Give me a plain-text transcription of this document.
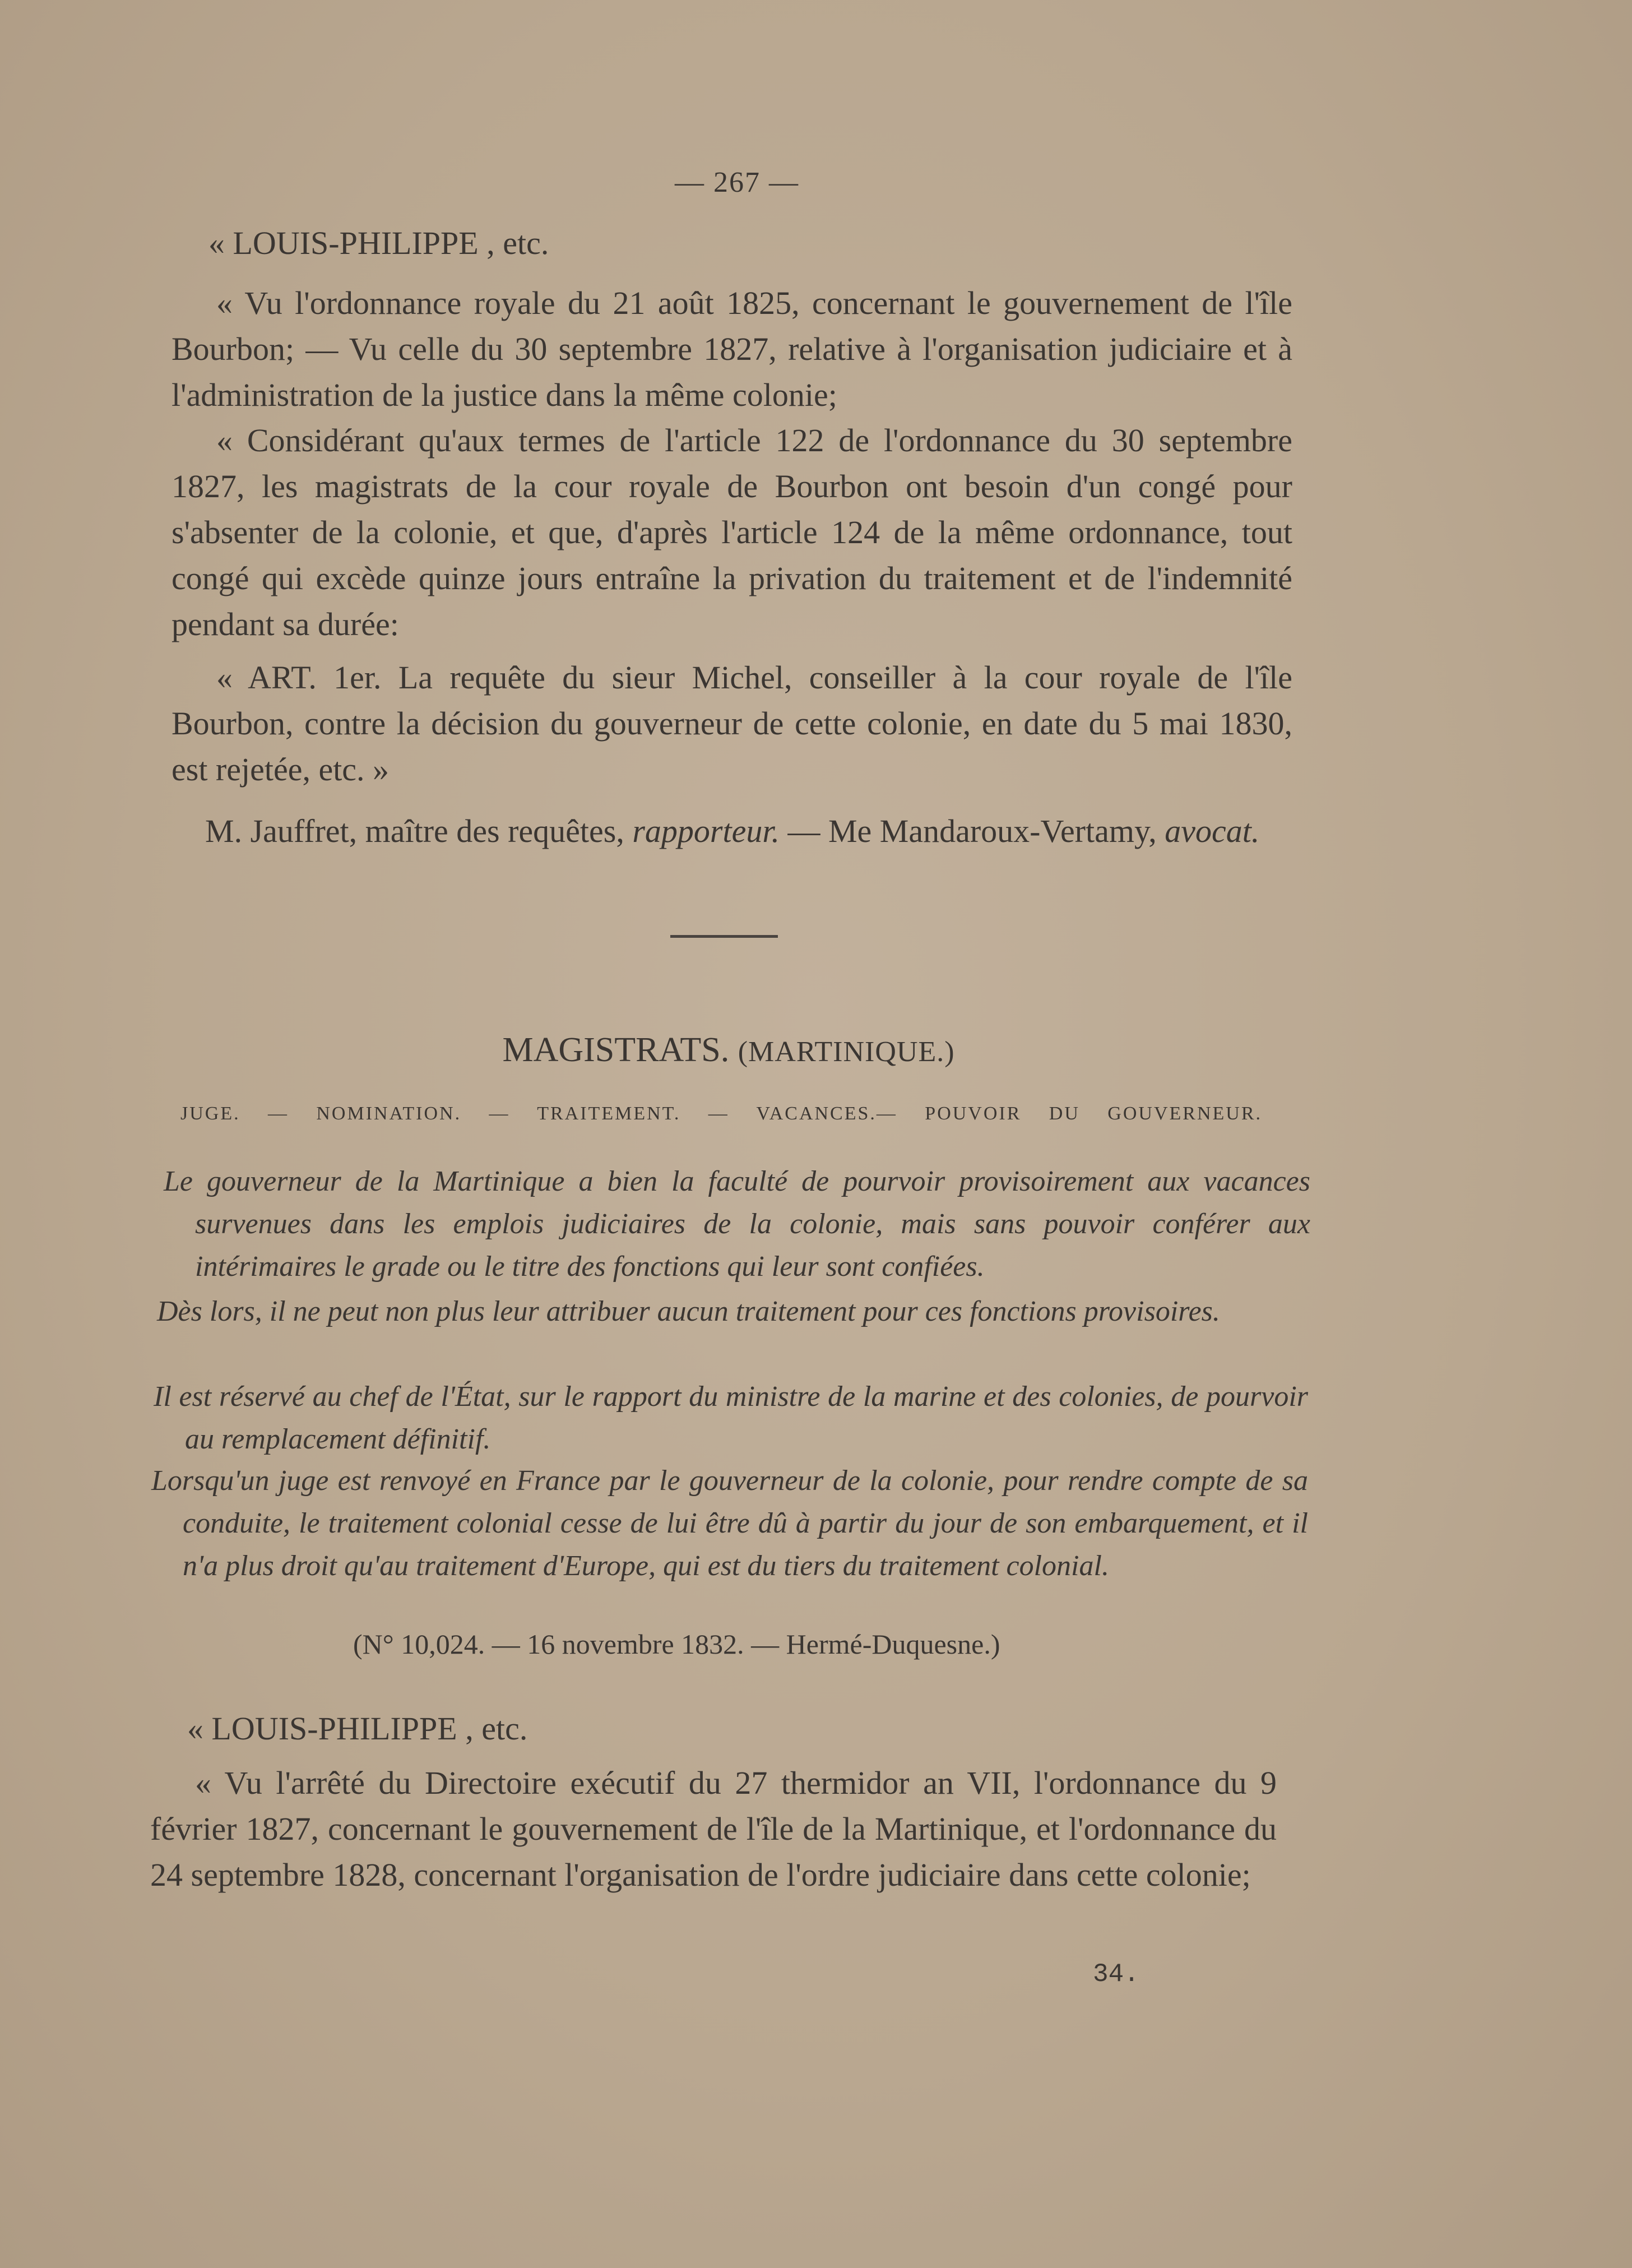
— 267 —

« LOUIS-PHILIPPE , etc.

« Vu l'ordonnance royale du 21 août 1825, concernant le gouvernement de l'île Bourbon; — Vu celle du 30 septembre 1827, relative à l'organisation judiciaire et à l'administration de la justice dans la même colonie;

« Considérant qu'aux termes de l'article 122 de l'ordonnance du 30 septembre 1827, les magistrats de la cour royale de Bourbon ont besoin d'un congé pour s'absenter de la colonie, et que, d'après l'article 124 de la même ordonnance, tout congé qui excède quinze jours entraîne la privation du traitement et de l'indemnité pendant sa durée:

« ART. 1er. La requête du sieur Michel, conseiller à la cour royale de l'île Bourbon, contre la décision du gouverneur de cette colonie, en date du 5 mai 1830, est rejetée, etc. »

M. Jauffret, maître des requêtes, rapporteur. — Me Mandaroux-Vertamy, avocat.

MAGISTRATS. (MARTINIQUE.)
JUGE. — NOMINATION. — TRAITEMENT. — VACANCES.— POUVOIR DU GOUVERNEUR.

Le gouverneur de la Martinique a bien la faculté de pourvoir provisoirement aux vacances survenues dans les emplois judiciaires de la colonie, mais sans pouvoir conférer aux intérimaires le grade ou le titre des fonctions qui leur sont confiées.

Dès lors, il ne peut non plus leur attribuer aucun traitement pour ces fonctions provisoires.

Il est réservé au chef de l'État, sur le rapport du ministre de la marine et des colonies, de pourvoir au remplacement définitif.

Lorsqu'un juge est renvoyé en France par le gouverneur de la colonie, pour rendre compte de sa conduite, le traitement colonial cesse de lui être dû à partir du jour de son embarquement, et il n'a plus droit qu'au traitement d'Europe, qui est du tiers du traitement colonial.

(N° 10,024. — 16 novembre 1832. — Hermé-Duquesne.)

« LOUIS-PHILIPPE , etc.

« Vu l'arrêté du Directoire exécutif du 27 thermidor an VII, l'ordonnance du 9 février 1827, concernant le gouvernement de l'île de la Martinique, et l'ordonnance du 24 septembre 1828, concernant l'organisation de l'ordre judiciaire dans cette colonie;

34.
